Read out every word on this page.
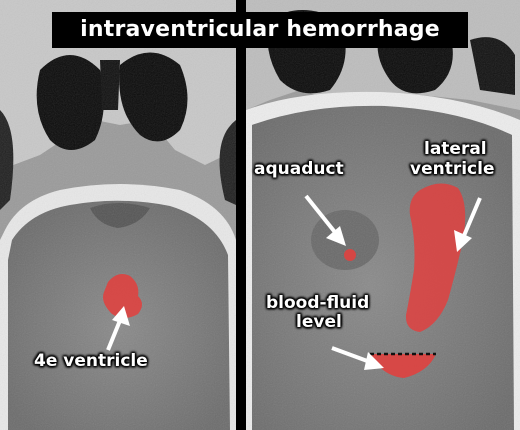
intraventricular hemorrhage
4e ventricle
aquaduct
lateral
ventricle
blood-fluid
level
